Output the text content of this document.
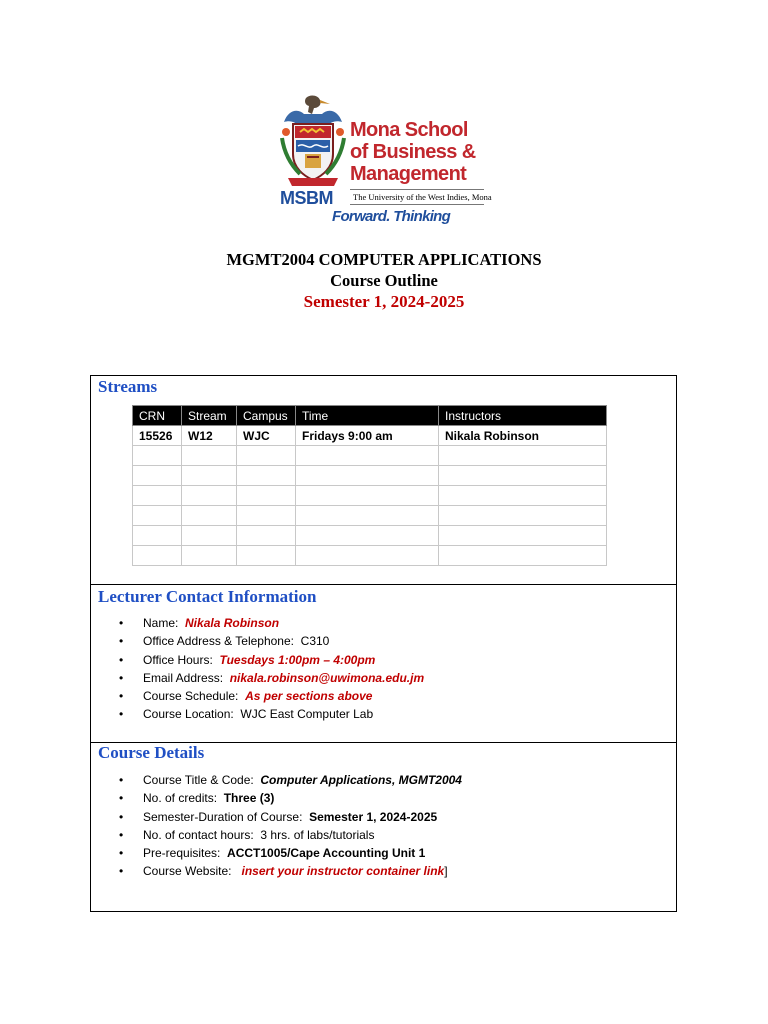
Mona School
of Business &
Management
MSBM The University of the West Indies, Mona
Forward. Thinking
MGMT2004 COMPUTER APPLICATIONS
Course Outline
Semester 1, 2024-2025
Streams
CRN	Stream	Campus	Time	Instructors
15526	W12	WJC	Fridays 9:00 am	Nikala Robinson

Lecturer Contact Information
• Name: Nikala Robinson
• Office Address & Telephone: C310
• Office Hours: Tuesdays 1:00pm – 4:00pm
• Email Address: nikala.robinson@uwimona.edu.jm
• Course Schedule: As per sections above
• Course Location: WJC East Computer Lab
Course Details
• Course Title & Code: Computer Applications, MGMT2004
• No. of credits: Three (3)
• Semester-Duration of Course: Semester 1, 2024-2025
• No. of contact hours: 3 hrs. of labs/tutorials
• Pre-requisites: ACCT1005/Cape Accounting Unit 1
• Course Website: insert your instructor container link]
